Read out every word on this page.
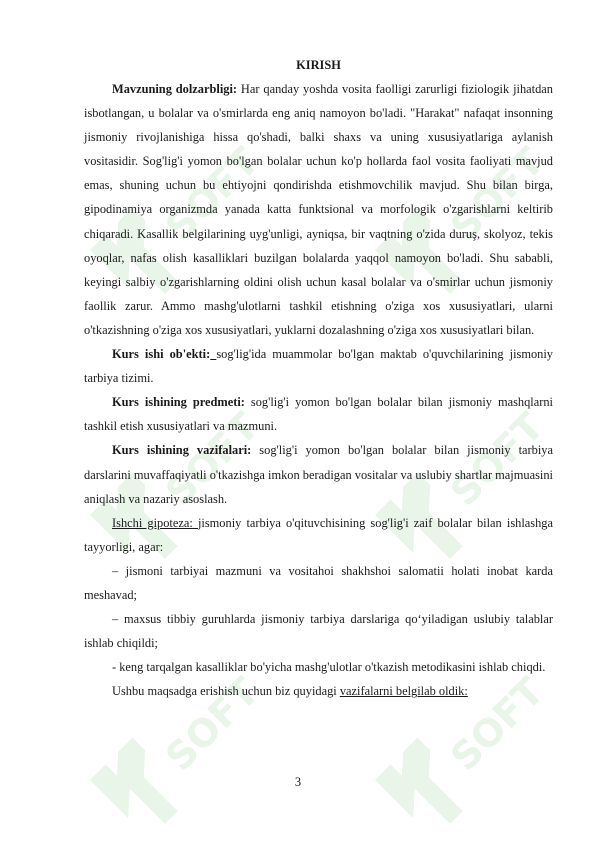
SOFT	KIRISH

Mavzuning dolzarbligi: Har qanday yoshda vosita faolligi zarurligi fiziologik jihatdan isbotlangan, u bolalar va o'smirlarda eng aniq namoyon bo'ladi. "Harakat" nafaqat insonning jismoniy rivojlanishiga hissa qo'shadi, balki shaxs va uning xususiyatlariga aylanish vositasidir. Sog'lig'i yomon bo'lgan bolalar uchun ko'p hollarda faol vosita faoliyati mavjud emas, shuning uchun bu ehtiyojni qondirishda etishmovchilik mavjud. Shu bilan birga, gipodinamiya organizmda yanada katta funktsional va morfologik o'zgarishlarni keltirib chiqaradi. Kasallik belgilarining uyg'unligi, ayniqsa, bir vaqtning o'zida duruş, skolyoz, tekis oyoqlar, nafas olish kasalliklari buzilgan bolalarda yaqqol namoyon bo'ladi. Shu sababli, keyingi salbiy o'zgarishlarning oldini olish uchun kasal bolalar va o'smirlar uchun jismoniy faollik zarur. Ammo mashg'ulotlarni tashkil etishning o'ziga xos xususiyatlari, ularni o'tkazishning o'ziga xos xususiyatlari, yuklarni dozalashning o'ziga xos xususiyatlari bilan.

Kurs ishi ob'ekti: sog'lig'ida muammolar bo'lgan maktab o'quvchilarining jismoniy tarbiya tizimi.

Kurs ishining predmeti: sog'lig'i yomon bo'lgan bolalar bilan jismoniy mashqlarni tashkil etish xususiyatlari va mazmuni.

Kurs ishining vazifalari: sog'lig'i yomon bo'lgan bolalar bilan jismoniy tarbiya darslarini muvaffaqiyatli o'tkazishga imkon beradigan vositalar va uslubiy shartlar majmuasini aniqlash va nazariy asoslash.

Ishchi gipoteza: jismoniy tarbiya o'qituvchisining sog'lig'i zaif bolalar bilan ishlashga tayyorligi, agar:

– jismoni tarbiyai mazmuni va vositahoi shakhshoi salomatii holati inobat karda meshavad;

– maxsus tibbiy guruhlarda jismoniy tarbiya darslariga qo‘yiladigan uslubiy talablar ishlab chiqildi;

- keng tarqalgan kasalliklar bo'yicha mashg'ulotlar o'tkazish metodikasini ishlab chiqdi.

Ushbu maqsadga erishish uchun biz quyidagi vazifalarni belgilab oldik:

3
